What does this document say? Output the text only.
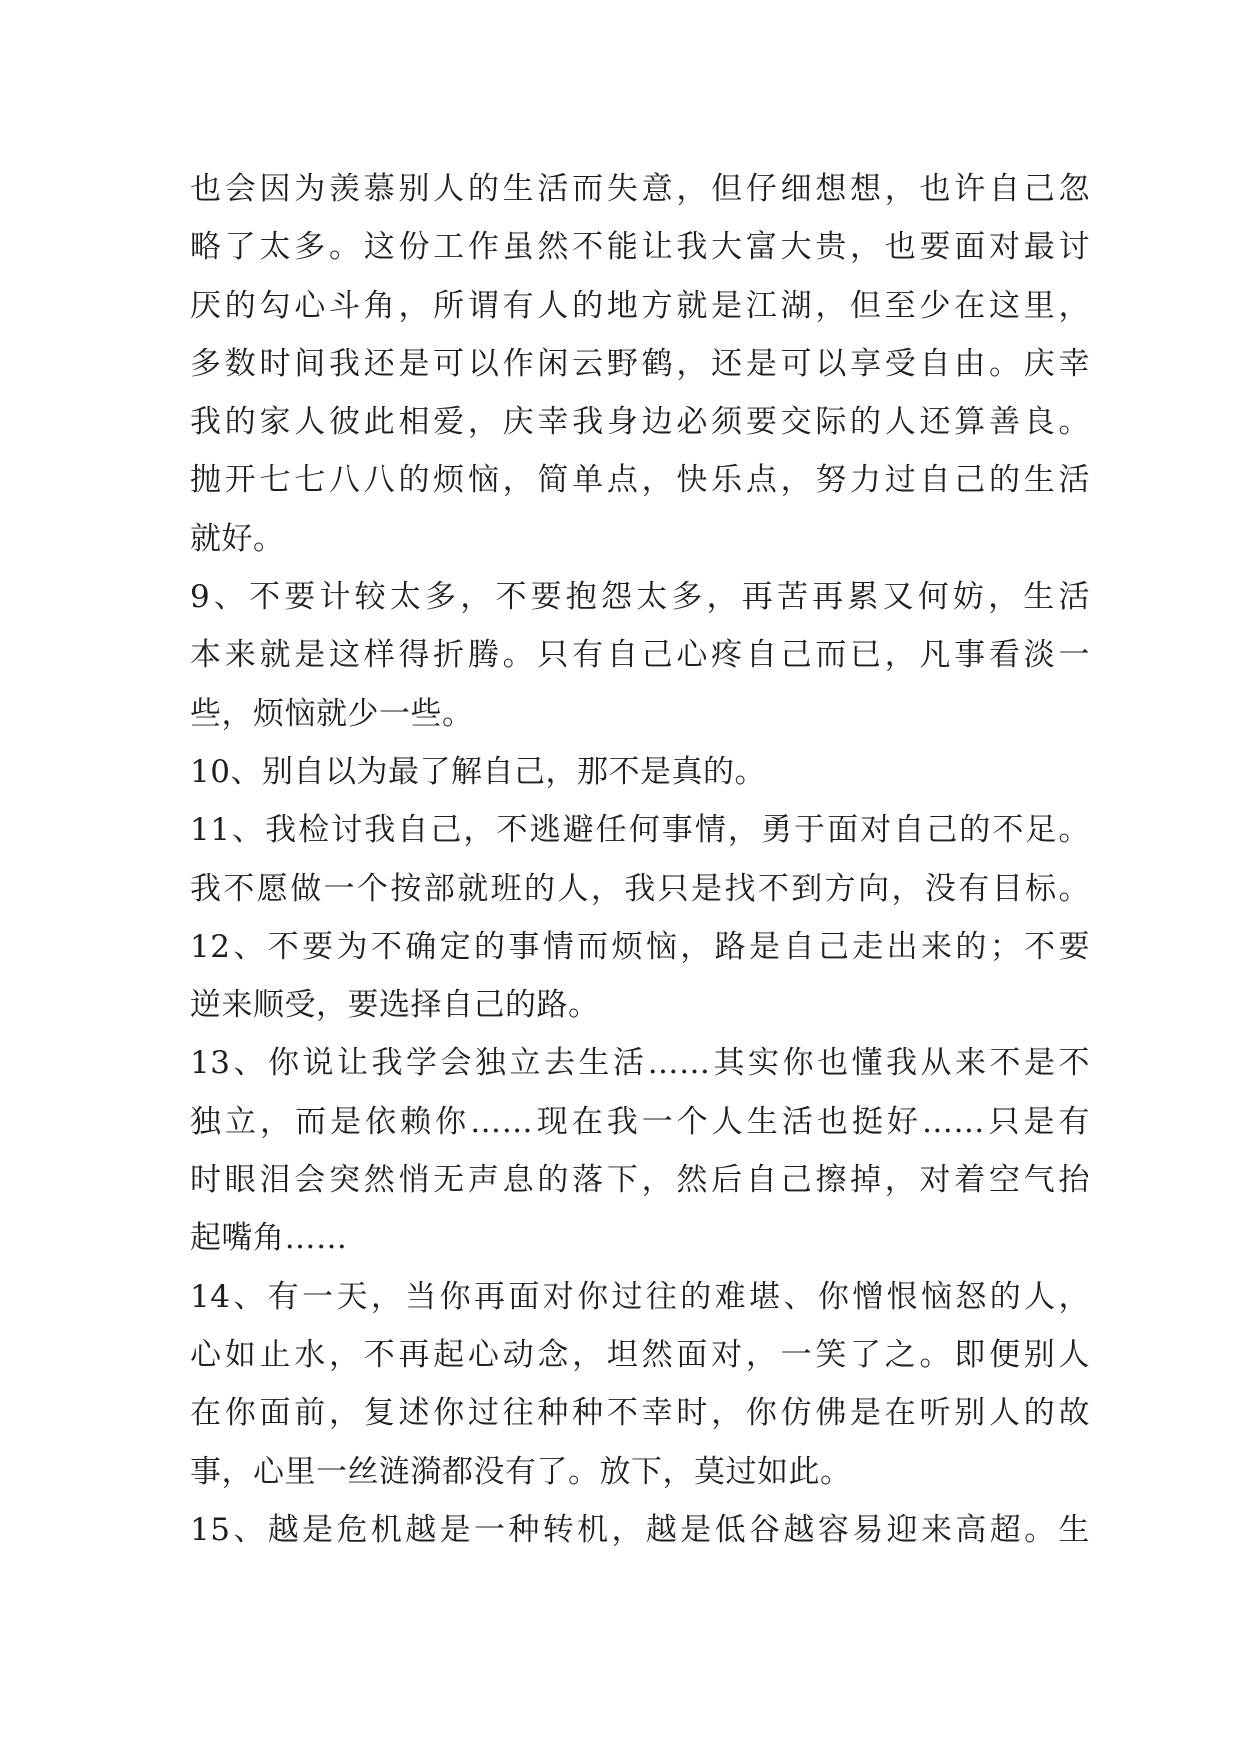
也会因为羡慕别人的生活而失意，但仔细想想，也许自己忽
略了太多。这份工作虽然不能让我大富大贵，也要面对最讨
厌的勾心斗角，所谓有人的地方就是江湖，但至少在这里，
多数时间我还是可以作闲云野鹤，还是可以享受自由。庆幸
我的家人彼此相爱，庆幸我身边必须要交际的人还算善良。
抛开七七八八的烦恼，简单点，快乐点，努力过自己的生活
就好。
9、不要计较太多，不要抱怨太多，再苦再累又何妨，生活
本来就是这样得折腾。只有自己心疼自己而已，凡事看淡一
些，烦恼就少一些。
10、别自以为最了解自己，那不是真的。
11、我检讨我自己，不逃避任何事情，勇于面对自己的不足。
我不愿做一个按部就班的人，我只是找不到方向，没有目标。
12、不要为不确定的事情而烦恼，路是自己走出来的；不要
逆来顺受，要选择自己的路。
13、你说让我学会独立去生活……其实你也懂我从来不是不
独立，而是依赖你……现在我一个人生活也挺好……只是有
时眼泪会突然悄无声息的落下，然后自己擦掉，对着空气抬
起嘴角……
14、有一天，当你再面对你过往的难堪、你憎恨恼怒的人，
心如止水，不再起心动念，坦然面对，一笑了之。即便别人
在你面前，复述你过往种种不幸时，你仿佛是在听别人的故
事，心里一丝涟漪都没有了。放下，莫过如此。
15、越是危机越是一种转机，越是低谷越容易迎来高超。生
